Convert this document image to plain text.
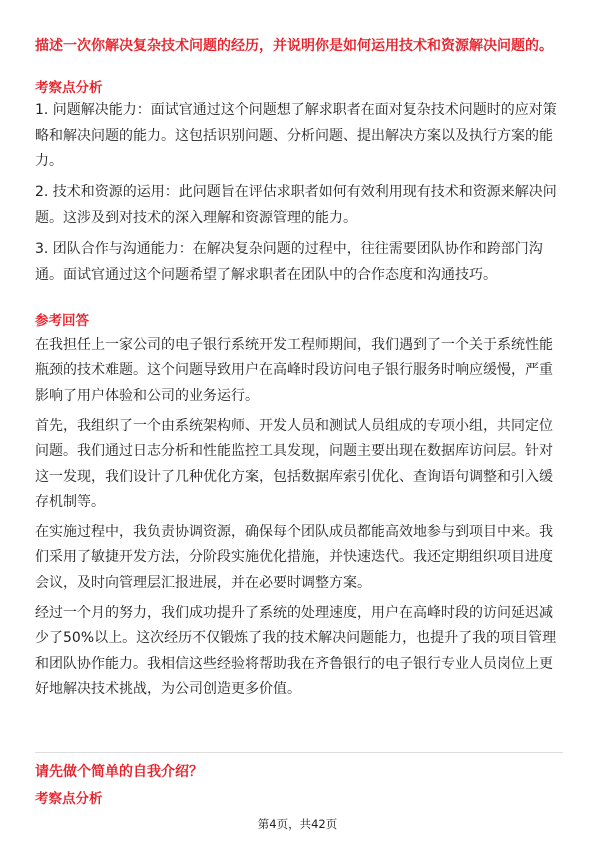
描述一次你解决复杂技术问题的经历，并说明你是如何运用技术和资源解决问题的。
考察点分析

1. 问题解决能力：面试官通过这个问题想了解求职者在面对复杂技术问题时的应对策略和解决问题的能力。这包括识别问题、分析问题、提出解决方案以及执行方案的能力。

2. 技术和资源的运用：此问题旨在评估求职者如何有效利用现有技术和资源来解决问题。这涉及到对技术的深入理解和资源管理的能力。

3. 团队合作与沟通能力：在解决复杂问题的过程中，往往需要团队协作和跨部门沟通。面试官通过这个问题希望了解求职者在团队中的合作态度和沟通技巧。

参考回答

在我担任上一家公司的电子银行系统开发工程师期间，我们遇到了一个关于系统性能瓶颈的技术难题。这个问题导致用户在高峰时段访问电子银行服务时响应缓慢，严重影响了用户体验和公司的业务运行。

首先，我组织了一个由系统架构师、开发人员和测试人员组成的专项小组，共同定位问题。我们通过日志分析和性能监控工具发现，问题主要出现在数据库访问层。针对这一发现，我们设计了几种优化方案，包括数据库索引优化、查询语句调整和引入缓存机制等。

在实施过程中，我负责协调资源，确保每个团队成员都能高效地参与到项目中来。我们采用了敏捷开发方法，分阶段实施优化措施，并快速迭代。我还定期组织项目进度会议，及时向管理层汇报进展，并在必要时调整方案。

经过一个月的努力，我们成功提升了系统的处理速度，用户在高峰时段的访问延迟减少了50%以上。这次经历不仅锻炼了我的技术解决问题能力，也提升了我的项目管理和团队协作能力。我相信这些经验将帮助我在齐鲁银行的电子银行专业人员岗位上更好地解决技术挑战，为公司创造更多价值。

请先做个简单的自我介绍？
考察点分析
第4页，共42页
